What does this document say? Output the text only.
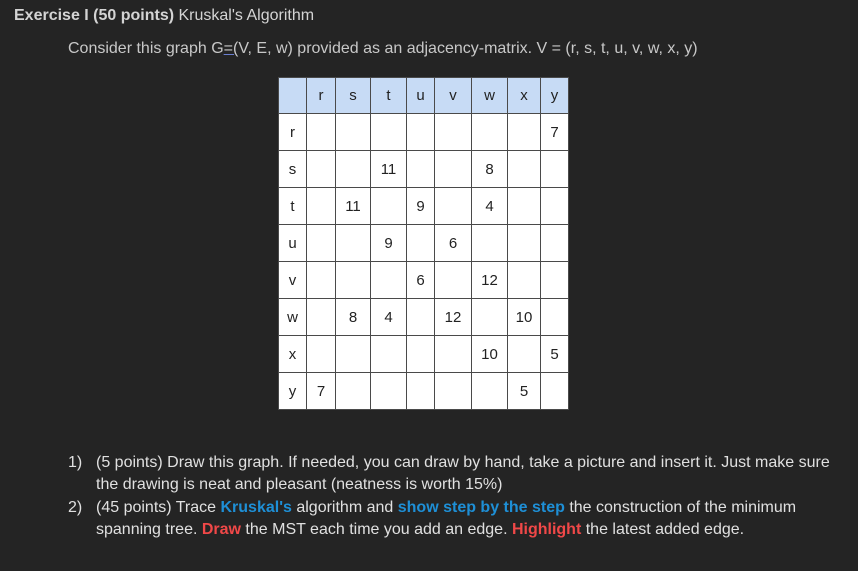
Exercise I (50 points) Kruskal's Algorithm
Consider this graph G=(V, E, w) provided as an adjacency-matrix. V = (r, s, t, u, v, w, x, y)
	r	s	t	u	v	w	x	y
r								7
s			11			8		
t		11		9		4		
u			9		6			
v				6		12		
w		8	4		12		10	
x						10		5
y	7						5	
1) (5 points) Draw this graph. If needed, you can draw by hand, take a picture and insert it. Just make sure the drawing is neat and pleasant (neatness is worth 15%)
2) (45 points) Trace Kruskal's algorithm and show step by the step the construction of the minimum spanning tree. Draw the MST each time you add an edge. Highlight the latest added edge.
